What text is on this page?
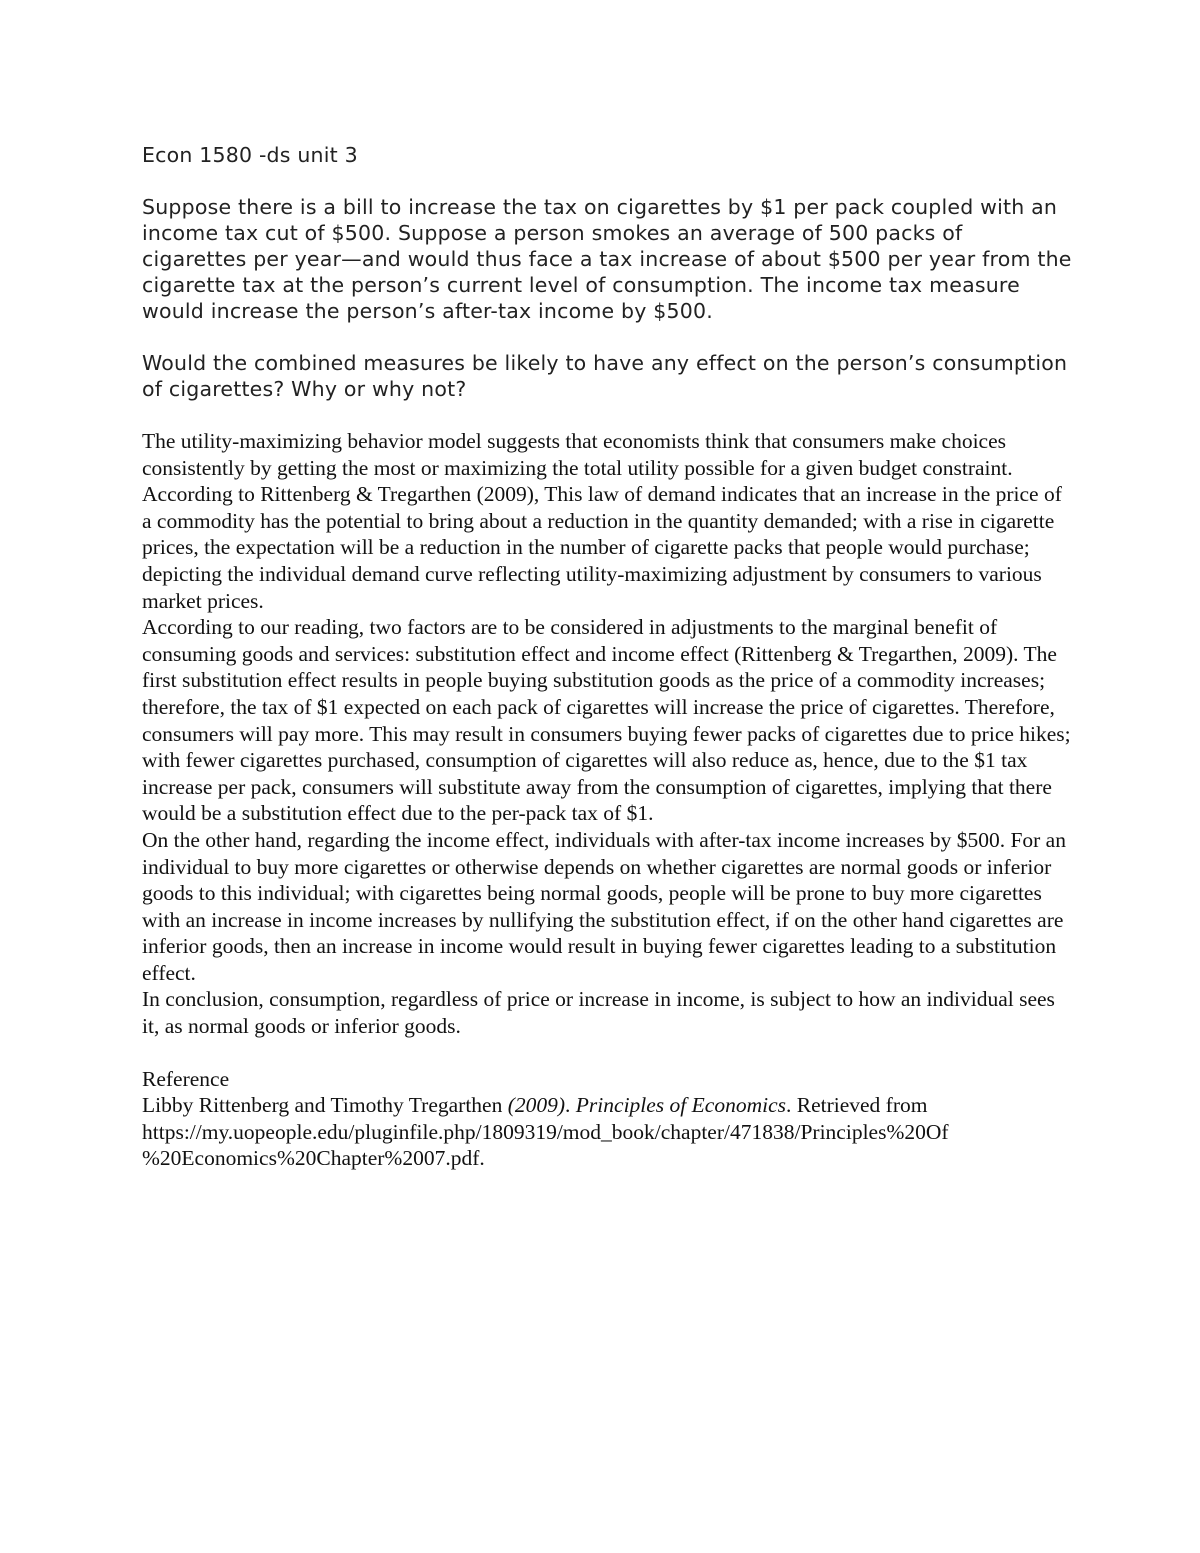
Econ 1580 -ds unit 3

Suppose there is a bill to increase the tax on cigarettes by $1 per pack coupled with an income tax cut of $500. Suppose a person smokes an average of 500 packs of cigarettes per year—and would thus face a tax increase of about $500 per year from the cigarette tax at the person’s current level of consumption. The income tax measure would increase the person’s after-tax income by $500.

Would the combined measures be likely to have any effect on the person’s consumption of cigarettes? Why or why not?

The utility-maximizing behavior model suggests that economists think that consumers make choices consistently by getting the most or maximizing the total utility possible for a given budget constraint. According to Rittenberg & Tregarthen (2009), This law of demand indicates that an increase in the price of a commodity has the potential to bring about a reduction in the quantity demanded; with a rise in cigarette prices, the expectation will be a reduction in the number of cigarette packs that people would purchase; depicting the individual demand curve reflecting utility-maximizing adjustment by consumers to various market prices.

According to our reading, two factors are to be considered in adjustments to the marginal benefit of consuming goods and services: substitution effect and income effect (Rittenberg & Tregarthen, 2009). The first substitution effect results in people buying substitution goods as the price of a commodity increases; therefore, the tax of $1 expected on each pack of cigarettes will increase the price of cigarettes. Therefore, consumers will pay more. This may result in consumers buying fewer packs of cigarettes due to price hikes; with fewer cigarettes purchased, consumption of cigarettes will also reduce as, hence, due to the $1 tax increase per pack, consumers will substitute away from the consumption of cigarettes, implying that there would be a substitution effect due to the per-pack tax of $1.

On the other hand, regarding the income effect, individuals with after-tax income increases by $500. For an individual to buy more cigarettes or otherwise depends on whether cigarettes are normal goods or inferior goods to this individual; with cigarettes being normal goods, people will be prone to buy more cigarettes with an increase in income increases by nullifying the substitution effect, if on the other hand cigarettes are inferior goods, then an increase in income would result in buying fewer cigarettes leading to a substitution effect.

In conclusion, consumption, regardless of price or increase in income, is subject to how an individual sees it, as normal goods or inferior goods.

Reference

Libby Rittenberg and Timothy Tregarthen (2009). Principles of Economics. Retrieved from

https://my.uopeople.edu/pluginfile.php/1809319/mod_book/chapter/471838/Principles%20Of

%20Economics%20Chapter%2007.pdf.
